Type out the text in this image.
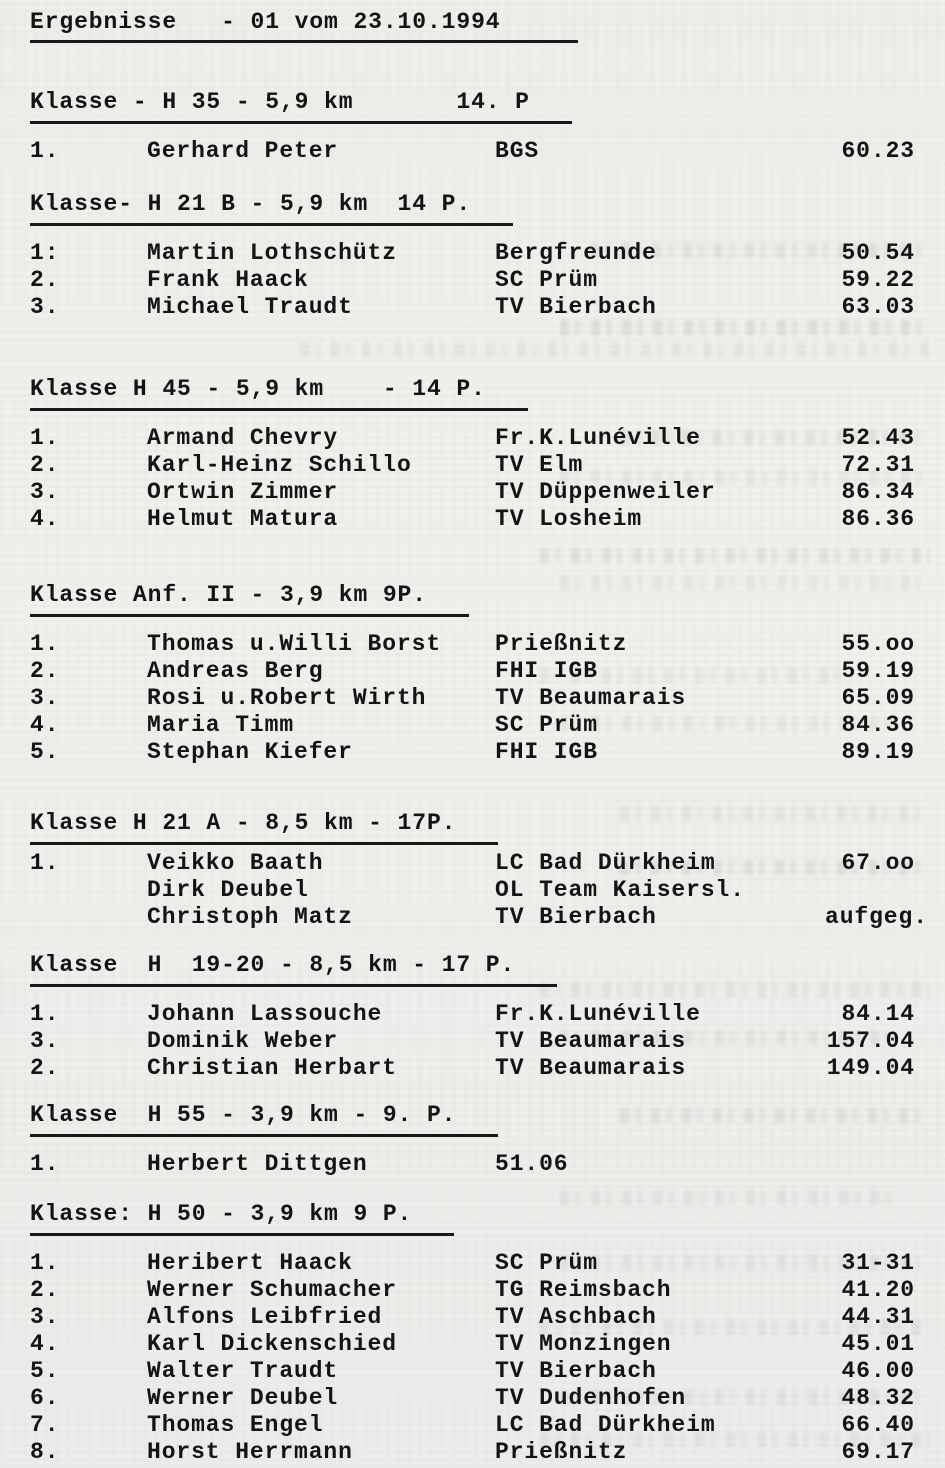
Ergebnisse   - 01 vom 23.10.1994
Klasse - H 35 - 5,9 km       14. P
1.	Gerhard Peter	BGS	60.23
Klasse- H 21 B - 5,9 km  14 P.
1:	Martin Lothschütz	Bergfreunde	50.54
2.	Frank Haack	SC Prüm	59.22
3.	Michael Traudt	TV Bierbach	63.03
Klasse H 45 - 5,9 km    - 14 P.
1.	Armand Chevry	Fr.K.Lunéville	52.43
2.	Karl-Heinz Schillo	TV Elm	72.31
3.	Ortwin Zimmer	TV Düppenweiler	86.34
4.	Helmut Matura	TV Losheim	86.36
Klasse Anf. II - 3,9 km 9P.
1.	Thomas u.Willi Borst	Prießnitz	55.oo
2.	Andreas Berg	FHI IGB	59.19
3.	Rosi u.Robert Wirth	TV Beaumarais	65.09
4.	Maria Timm	SC Prüm	84.36
5.	Stephan Kiefer	FHI IGB	89.19
Klasse H 21 A - 8,5 km - 17P.
1.	Veikko Baath	LC Bad Dürkheim	67.oo
Dirk Deubel	OL Team Kaisersl.
Christoph Matz	TV Bierbach	aufgeg.
Klasse  H  19-20 - 8,5 km - 17 P.
1.	Johann Lassouche	Fr.K.Lunéville	84.14
3.	Dominik Weber	TV Beaumarais	157.04
2.	Christian Herbart	TV Beaumarais	149.04
Klasse  H 55 - 3,9 km - 9. P.
1.	Herbert Dittgen	51.06
Klasse: H 50 - 3,9 km 9 P.
1.	Heribert Haack	SC Prüm	31-31
2.	Werner Schumacher	TG Reimsbach	41.20
3.	Alfons Leibfried	TV Aschbach	44.31
4.	Karl Dickenschied	TV Monzingen	45.01
5.	Walter Traudt	TV Bierbach	46.00
6.	Werner Deubel	TV Dudenhofen	48.32
7.	Thomas Engel	LC Bad Dürkheim	66.40
8.	Horst Herrmann	Prießnitz	69.17
